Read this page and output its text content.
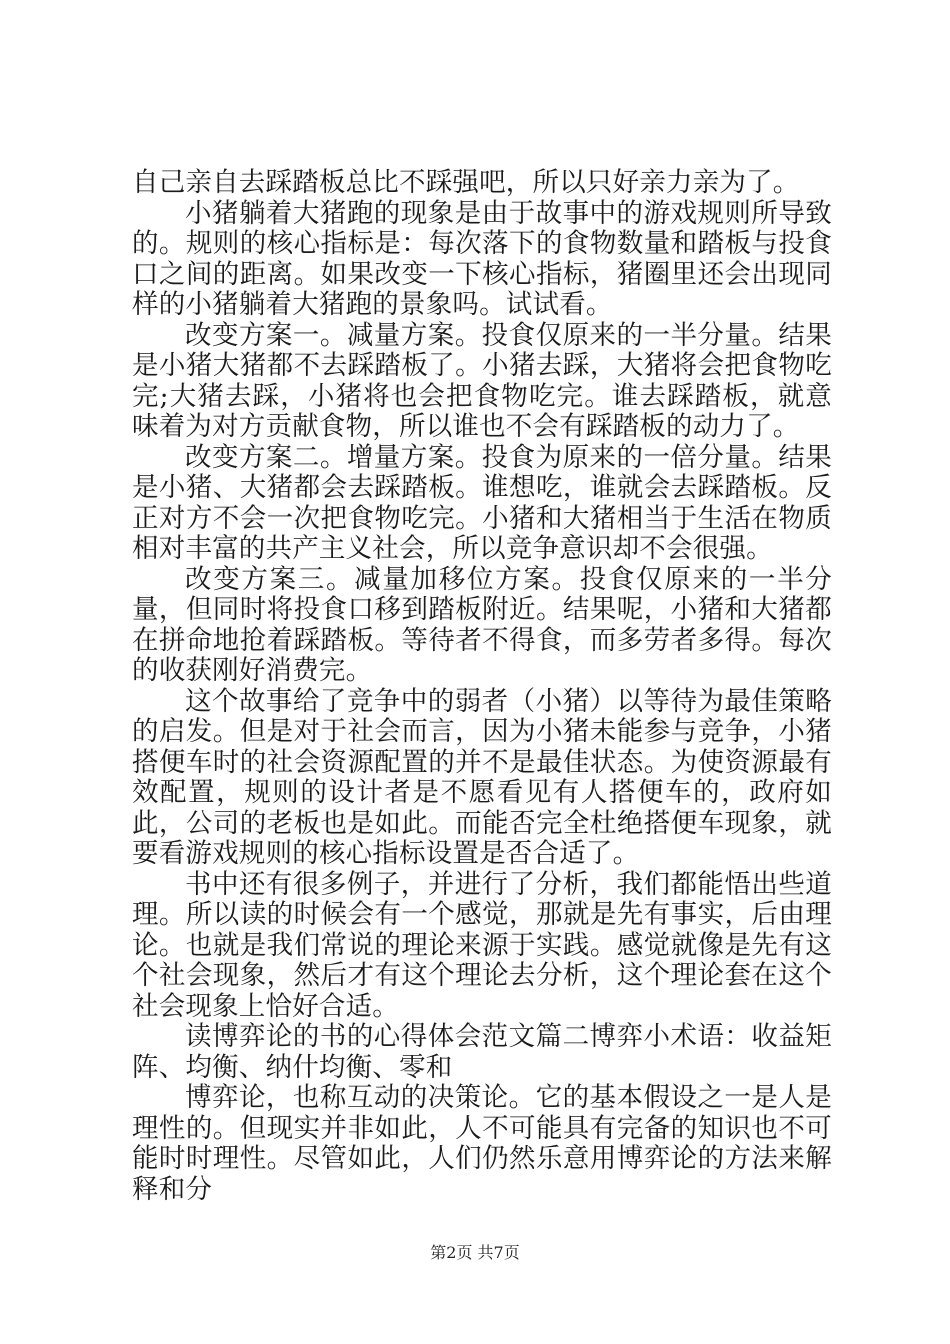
自己亲自去踩踏板总比不踩强吧，所以只好亲力亲为了。

小猪躺着大猪跑的现象是由于故事中的游戏规则所导致的。规则的核心指标是：每次落下的食物数量和踏板与投食口之间的距离。如果改变一下核心指标，猪圈里还会出现同样的小猪躺着大猪跑的景象吗。试试看。

改变方案一。减量方案。投食仅原来的一半分量。结果是小猪大猪都不去踩踏板了。小猪去踩，大猪将会把食物吃完;大猪去踩，小猪将也会把食物吃完。谁去踩踏板，就意味着为对方贡献食物，所以谁也不会有踩踏板的动力了。

改变方案二。增量方案。投食为原来的一倍分量。结果是小猪、大猪都会去踩踏板。谁想吃，谁就会去踩踏板。反正对方不会一次把食物吃完。小猪和大猪相当于生活在物质相对丰富的共产主义社会，所以竞争意识却不会很强。

改变方案三。减量加移位方案。投食仅原来的一半分量，但同时将投食口移到踏板附近。结果呢，小猪和大猪都在拼命地抢着踩踏板。等待者不得食，而多劳者多得。每次的收获刚好消费完。

这个故事给了竞争中的弱者（小猪）以等待为最佳策略的启发。但是对于社会而言，因为小猪未能参与竞争，小猪搭便车时的社会资源配置的并不是最佳状态。为使资源最有效配置，规则的设计者是不愿看见有人搭便车的，政府如此，公司的老板也是如此。而能否完全杜绝搭便车现象，就要看游戏规则的核心指标设置是否合适了。

书中还有很多例子，并进行了分析，我们都能悟出些道理。所以读的时候会有一个感觉，那就是先有事实，后由理论。也就是我们常说的理论来源于实践。感觉就像是先有这个社会现象，然后才有这个理论去分析，这个理论套在这个社会现象上恰好合适。

读博弈论的书的心得体会范文篇二博弈小术语：收益矩阵、均衡、纳什均衡、零和

博弈论，也称互动的决策论。它的基本假设之一是人是理性的。但现实并非如此，人不可能具有完备的知识也不可能时时理性。尽管如此，人们仍然乐意用博弈论的方法来解释和分

第2页 共7页
